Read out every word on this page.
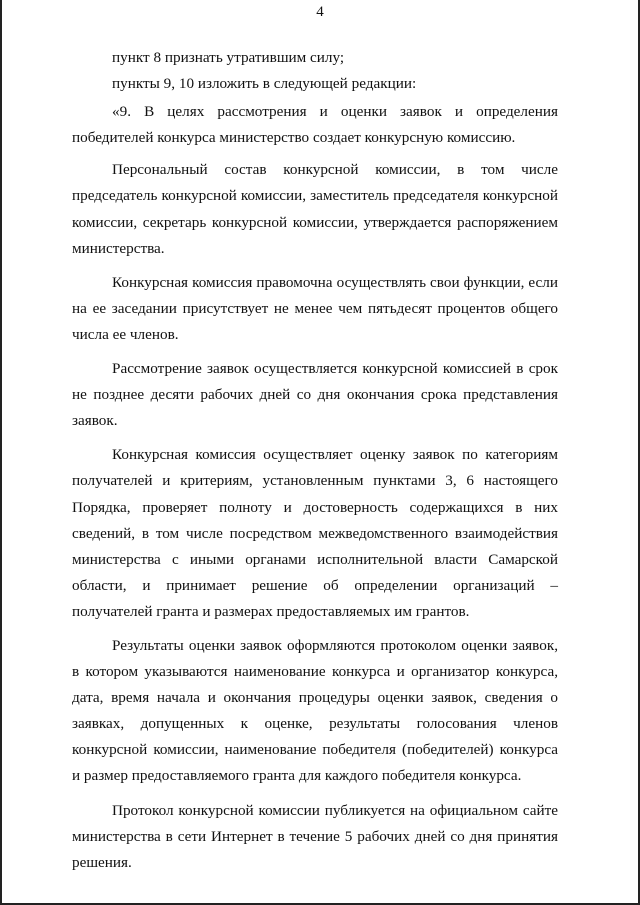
4

пункт 8 признать утратившим силу;

пункты 9, 10 изложить в следующей редакции:

«9. В целях рассмотрения и оценки заявок и определения победителей конкурса министерство создает конкурсную комиссию.

Персональный состав конкурсной комиссии, в том числе председатель конкурсной комиссии, заместитель председателя конкурсной комиссии, секретарь конкурсной комиссии, утверждается распоряжением министерства.

Конкурсная комиссия правомочна осуществлять свои функции, если на ее заседании присутствует не менее чем пятьдесят процентов общего числа ее членов.

Рассмотрение заявок осуществляется конкурсной комиссией в срок не позднее десяти рабочих дней со дня окончания срока представления заявок.

Конкурсная комиссия осуществляет оценку заявок по категориям получателей и критериям, установленным пунктами 3, 6 настоящего Порядка, проверяет полноту и достоверность содержащихся в них сведений, в том числе посредством межведомственного взаимодействия министерства с иными органами исполнительной власти Самарской области, и принимает решение об определении организаций – получателей гранта и размерах предоставляемых им грантов.

Результаты оценки заявок оформляются протоколом оценки заявок, в котором указываются наименование конкурса и организатор конкурса, дата, время начала и окончания процедуры оценки заявок, сведения о заявках, допущенных к оценке, результаты голосования членов конкурсной комиссии, наименование победителя (победителей) конкурса и размер предоставляемого гранта для каждого победителя конкурса.

Протокол конкурсной комиссии публикуется на официальном сайте министерства в сети Интернет в течение 5 рабочих дней со дня принятия решения.
